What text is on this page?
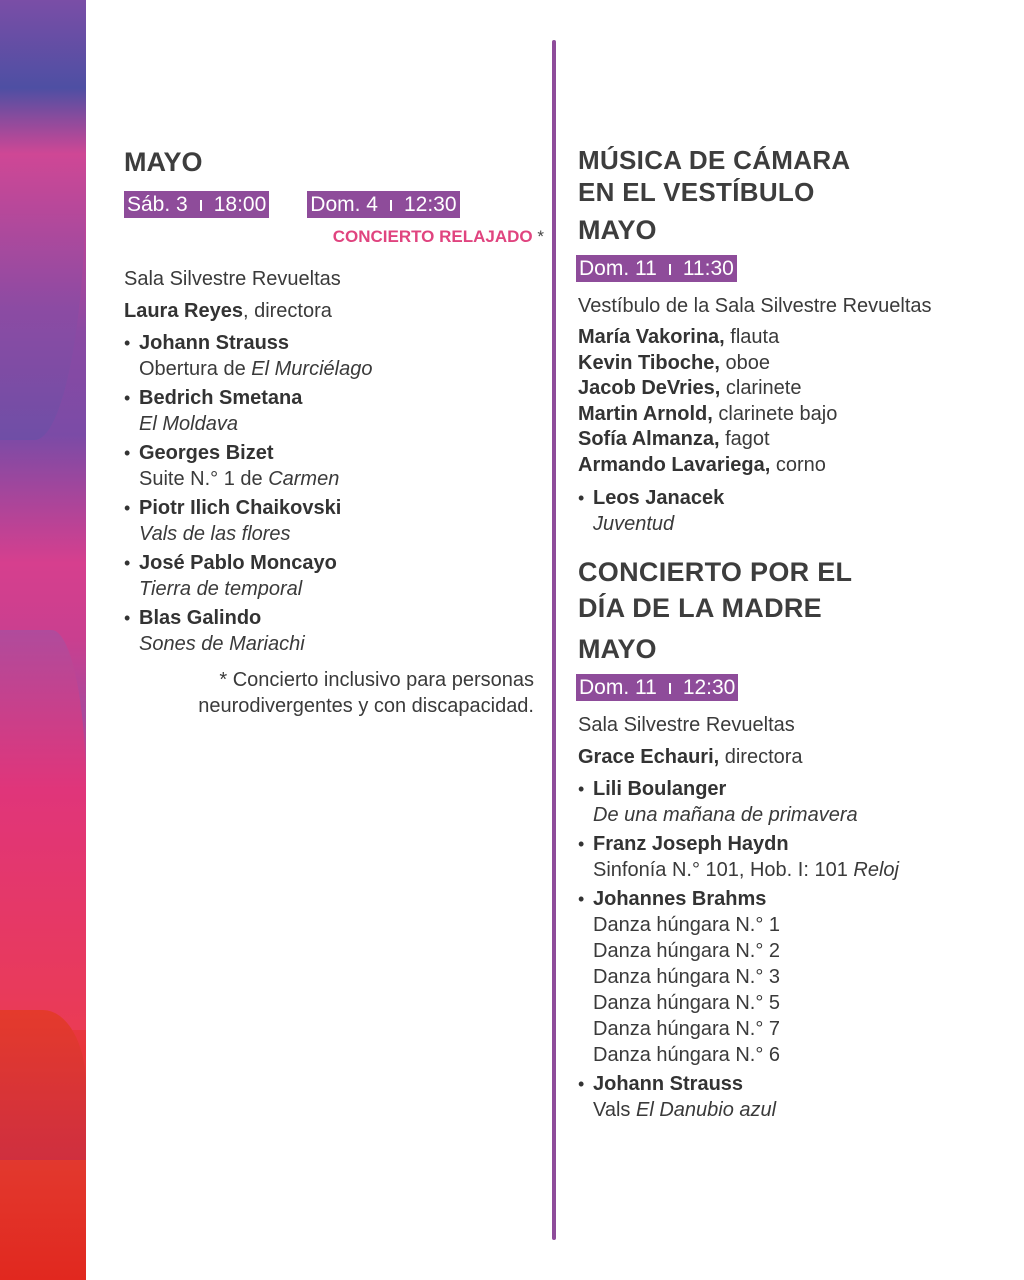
MAYO
Sáb. 3 18:00 Dom. 4 12:30
CONCIERTO RELAJADO *
Sala Silvestre Revueltas
Laura Reyes, directora
• Johann Strauss
Obertura de El Murciélago
• Bedrich Smetana
El Moldava
• Georges Bizet
Suite N.° 1 de Carmen
• Piotr Ilich Chaikovski
Vals de las flores
• José Pablo Moncayo
Tierra de temporal
• Blas Galindo
Sones de Mariachi
* Concierto inclusivo para personas
neurodivergentes y con discapacidad.
MÚSICA DE CÁMARA
EN EL VESTÍBULO
MAYO
Dom. 11 11:30
Vestíbulo de la Sala Silvestre Revueltas
María Vakorina, flauta
Kevin Tiboche, oboe
Jacob DeVries, clarinete
Martin Arnold, clarinete bajo
Sofía Almanza, fagot
Armando Lavariega, corno
• Leos Janacek
Juventud
CONCIERTO POR EL
DÍA DE LA MADRE
MAYO
Dom. 11 12:30
Sala Silvestre Revueltas
Grace Echauri, directora
• Lili Boulanger
De una mañana de primavera
• Franz Joseph Haydn
Sinfonía N.° 101, Hob. I: 101 Reloj
• Johannes Brahms
Danza húngara N.° 1
Danza húngara N.° 2
Danza húngara N.° 3
Danza húngara N.° 5
Danza húngara N.° 7
Danza húngara N.° 6
• Johann Strauss
Vals El Danubio azul
